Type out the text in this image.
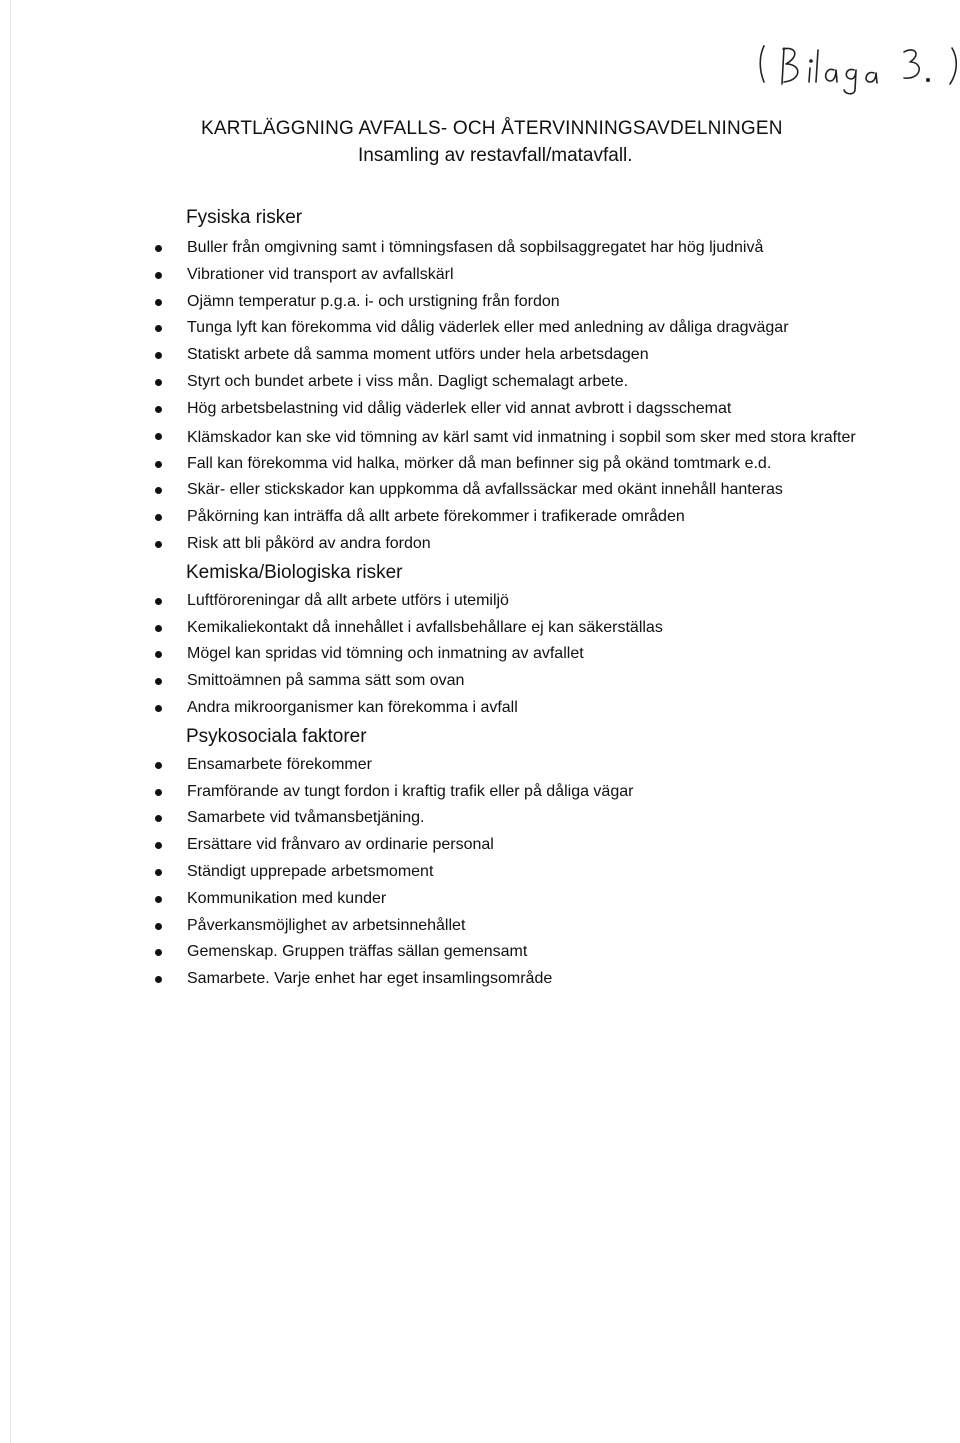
KARTLÄGGNING AVFALLS- OCH ÅTERVINNINGSAVDELNINGEN
Insamling av restavfall/matavfall.
Fysiska risker
Buller från omgivning samt i tömningsfasen då sopbilsaggregatet har hög ljudnivå
Vibrationer vid transport av avfallskärl
Ojämn temperatur p.g.a. i- och urstigning från fordon
Tunga lyft kan förekomma vid dålig väderlek eller med anledning av dåliga dragvägar
Statiskt arbete då samma moment utförs under hela arbetsdagen
Styrt och bundet arbete i viss mån. Dagligt schemalagt arbete.
Hög arbetsbelastning vid dålig väderlek eller vid annat avbrott i dagsschemat
Klämskador kan ske vid tömning av kärl samt vid inmatning i sopbil som sker med stora krafter
Fall kan förekomma vid halka, mörker då man befinner sig på okänd tomtmark e.d.
Skär- eller stickskador kan uppkomma då avfallssäckar med okänt innehåll hanteras
Påkörning kan inträffa då allt arbete förekommer i trafikerade områden
Risk att bli påkörd av andra fordon
Kemiska/Biologiska risker
Luftföroreningar då allt arbete utförs i utemiljö
Kemikaliekontakt då innehållet i avfallsbehållare ej kan säkerställas
Mögel kan spridas vid tömning och inmatning av avfallet
Smittoämnen på samma sätt som ovan
Andra mikroorganismer kan förekomma i avfall
Psykosociala faktorer
Ensamarbete förekommer
Framförande av tungt fordon i kraftig trafik eller på dåliga vägar
Samarbete vid tvåmansbetjäning.
Ersättare vid frånvaro av ordinarie personal
Ständigt upprepade arbetsmoment
Kommunikation med kunder
Påverkansmöjlighet av arbetsinnehållet
Gemenskap. Gruppen träffas sällan gemensamt
Samarbete. Varje enhet har eget insamlingsområde
